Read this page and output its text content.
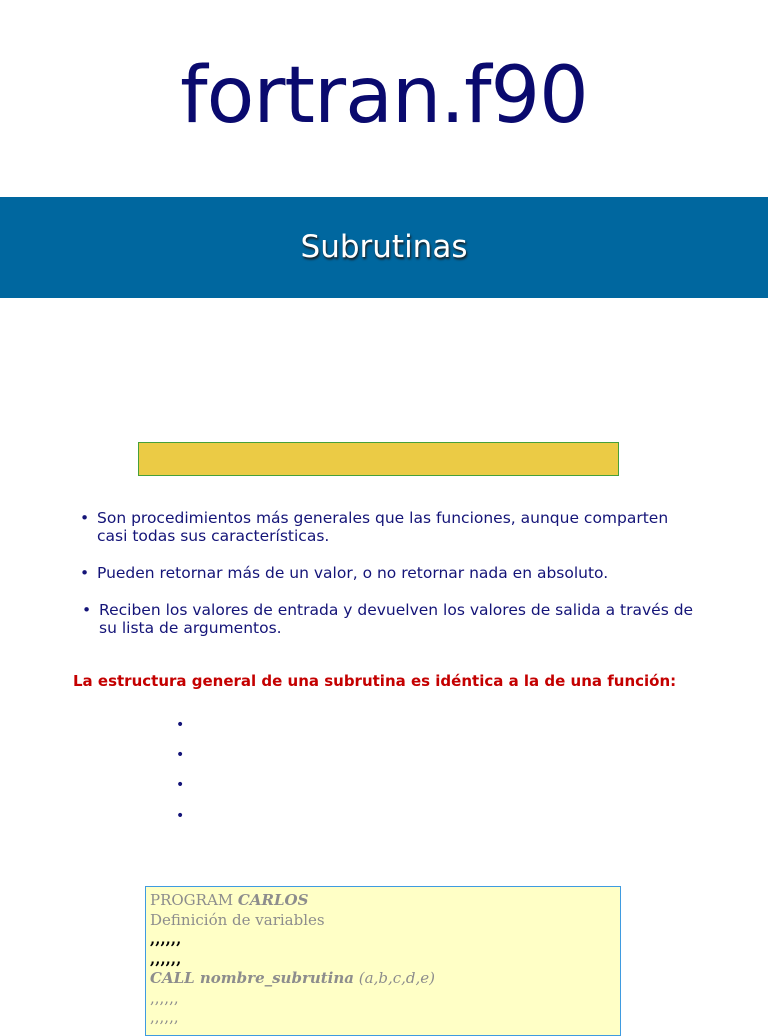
fortran.f90
Subrutinas
• Son procedimientos más generales que las funciones, aunque comparten casi todas sus características.
• Pueden retornar más de un valor, o no retornar nada en absoluto.
• Reciben los valores de entrada y devuelven los valores de salida a través de su lista de argumentos.
La estructura general de una subrutina es idéntica a la de una función:
•
•
•
•
PROGRAM CARLOS
Definición de variables
,,,,,,
,,,,,,
CALL nombre_subrutina (a,b,c,d,e)
,,,,,,
,,,,,,
